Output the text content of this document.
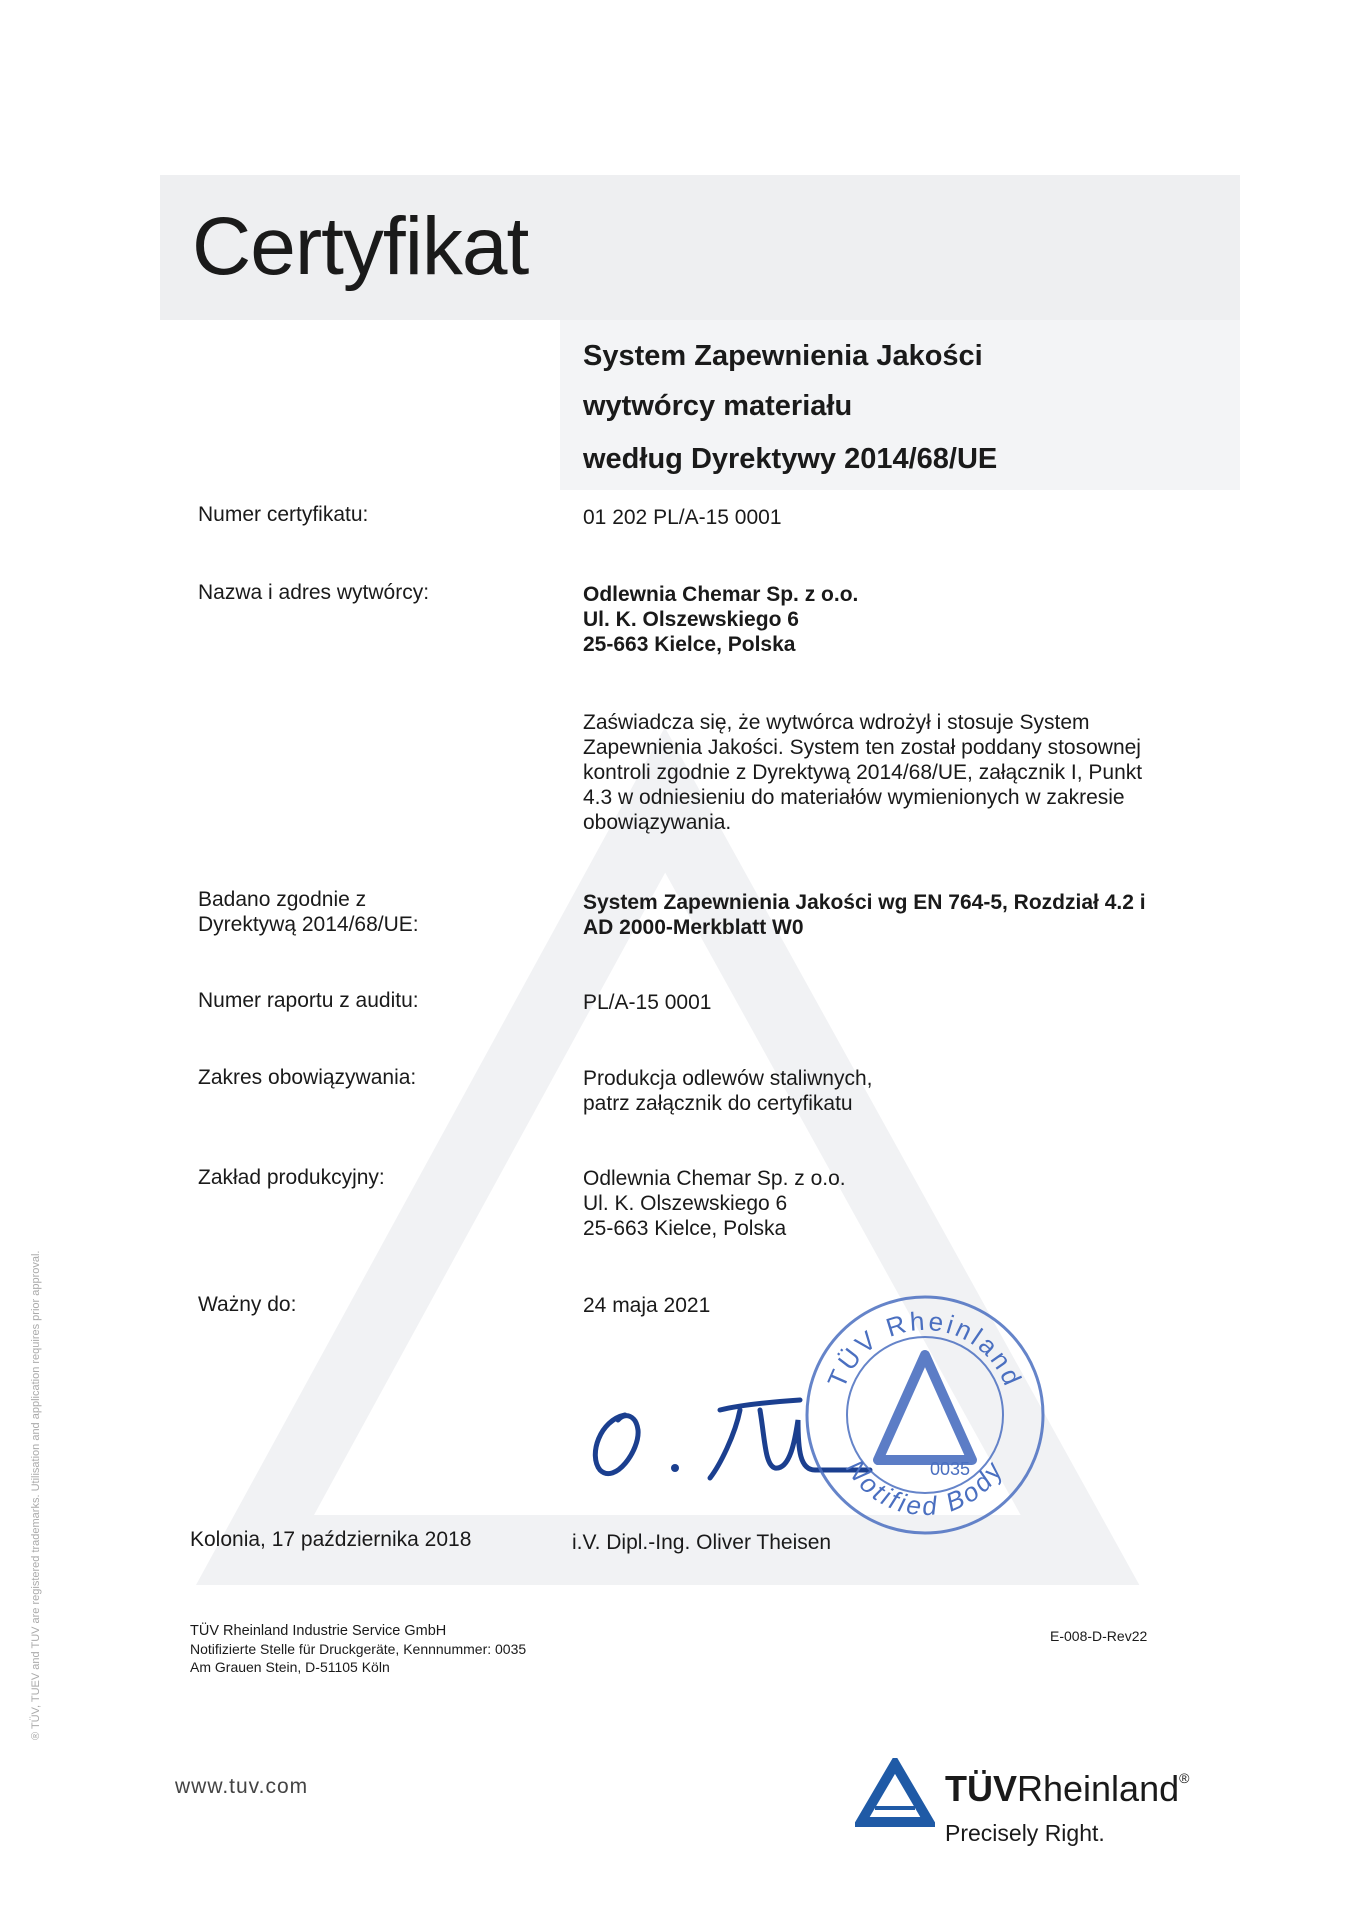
Certyfikat
System Zapewnienia Jakości
wytwórcy materiału
według Dyrektywy 2014/68/UE
Numer certyfikatu:	01 202 PL/A-15 0001
Nazwa i adres wytwórcy:	Odlewnia Chemar Sp. z o.o.
Ul. K. Olszewskiego 6
25-663 Kielce, Polska
Zaświadcza się, że wytwórca wdrożył i stosuje System
Zapewnienia Jakości. System ten został poddany stosownej
kontroli zgodnie z Dyrektywą 2014/68/UE, załącznik I, Punkt
4.3 w odniesieniu do materiałów wymienionych w zakresie
obowiązywania.
Badano zgodnie z
Dyrektywą 2014/68/UE:
System Zapewnienia Jakości wg EN 764-5, Rozdział 4.2 i
AD 2000-Merkblatt W0
Numer raportu z auditu:	PL/A-15 0001
Zakres obowiązywania:	Produkcja odlewów staliwnych,
patrz załącznik do certyfikatu
Zakład produkcyjny:	Odlewnia Chemar Sp. z o.o.
Ul. K. Olszewskiego 6
25-663 Kielce, Polska
Ważny do:	24 maja 2021
TÜV Rheinland
Notified Body
0035
Kolonia, 17 października 2018	i.V. Dipl.-Ing. Oliver Theisen
TÜV Rheinland Industrie Service GmbH
Notifizierte Stelle für Druckgeräte, Kennnummer: 0035
Am Grauen Stein, D-51105 Köln
E-008-D-Rev22
www.tuv.com	TÜVRheinland®
Precisely Right.
® TÜV, TUEV and TUV are registered trademarks. Utilisation and application requires prior approval.
